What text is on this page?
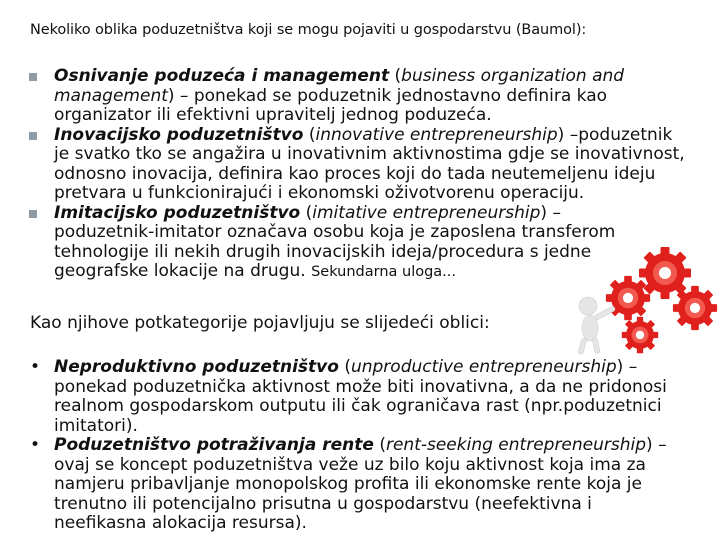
Nekoliko oblika poduzetništva koji se mogu pojaviti u gospodarstvu (Baumol):
Osnivanje poduzeća i management (business organization and management) – ponekad se poduzetnik jednostavno definira kao organizator ili efektivni upravitelj jednog poduzeća.
Inovacijsko poduzetništvo (innovative entrepreneurship) –poduzetnik je svatko tko se angažira u inovativnim aktivnostima gdje se inovativnost, odnosno inovacija, definira kao proces koji do tada neutemeljenu ideju pretvara u funkcionirajući i ekonomski oživotvorenu operaciju.
Imitacijsko poduzetništvo (imitative entrepreneurship) – poduzetnik-imitator označava osobu koja je zaposlena transferom tehnologije ili nekih drugih inovacijskih ideja/procedura s jedne geografske lokacije na drugu. Sekundarna uloga...
Kao njihove potkategorije pojavljuju se slijedeći oblici:
• Neproduktivno poduzetništvo (unproductive entrepreneurship) – ponekad poduzetnička aktivnost može biti inovativna, a da ne pridonosi realnom gospodarskom outputu ili čak ograničava rast (npr.poduzetnici imitatori).
• Poduzetništvo potraživanja rente (rent-seeking entrepreneurship) – ovaj se koncept poduzetništva veže uz bilo koju aktivnost koja ima za namjeru pribavljanje monopolskog profita ili ekonomske rente koja je trenutno ili potencijalno prisutna u gospodarstvu (neefektivna i neefikasna alokacija resursa).
